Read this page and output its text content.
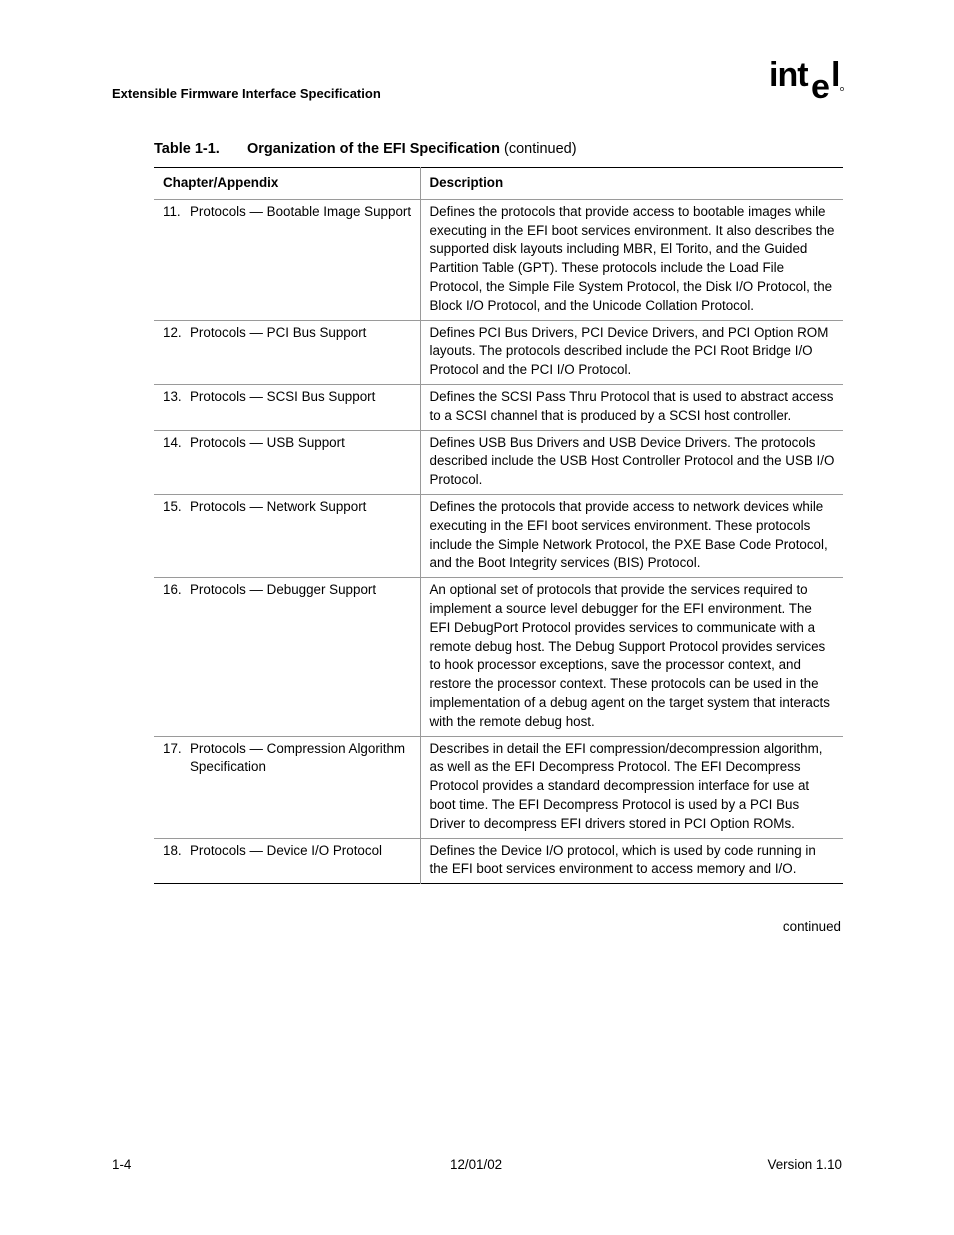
Extensible Firmware Interface Specification	int e l
Table 1-1. Organization of the EFI Specification (continued)
Chapter/Appendix	Description

11. Protocols — Bootable Image Support	Defines the protocols that provide access to bootable images while executing in the EFI boot services environment. It also describes the supported disk layouts including MBR, El Torito, and the Guided Partition Table (GPT). These protocols include the Load File Protocol, the Simple File System Protocol, the Disk I/O Protocol, the Block I/O Protocol, and the Unicode Collation Protocol.

12. Protocols — PCI Bus Support	Defines PCI Bus Drivers, PCI Device Drivers, and PCI Option ROM layouts. The protocols described include the PCI Root Bridge I/O Protocol and the PCI I/O Protocol.

13. Protocols — SCSI Bus Support	Defines the SCSI Pass Thru Protocol that is used to abstract access to a SCSI channel that is produced by a SCSI host controller.

14. Protocols — USB Support	Defines USB Bus Drivers and USB Device Drivers. The protocols described include the USB Host Controller Protocol and the USB I/O Protocol.

15. Protocols — Network Support	Defines the protocols that provide access to network devices while executing in the EFI boot services environment. These protocols include the Simple Network Protocol, the PXE Base Code Protocol, and the Boot Integrity services (BIS) Protocol.

16. Protocols — Debugger Support	An optional set of protocols that provide the services required to implement a source level debugger for the EFI environment. The EFI DebugPort Protocol provides services to communicate with a remote debug host. The Debug Support Protocol provides services to hook processor exceptions, save the processor context, and restore the processor context. These protocols can be used in the implementation of a debug agent on the target system that interacts with the remote debug host.

17. Protocols — Compression Algorithm Specification	Describes in detail the EFI compression/decompression algorithm, as well as the EFI Decompress Protocol. The EFI Decompress Protocol provides a standard decompression interface for use at boot time. The EFI Decompress Protocol is used by a PCI Bus Driver to decompress EFI drivers stored in PCI Option ROMs.

18. Protocols — Device I/O Protocol	Defines the Device I/O protocol, which is used by code running in the EFI boot services environment to access memory and I/O.
continued
1-4	12/01/02	Version 1.10
